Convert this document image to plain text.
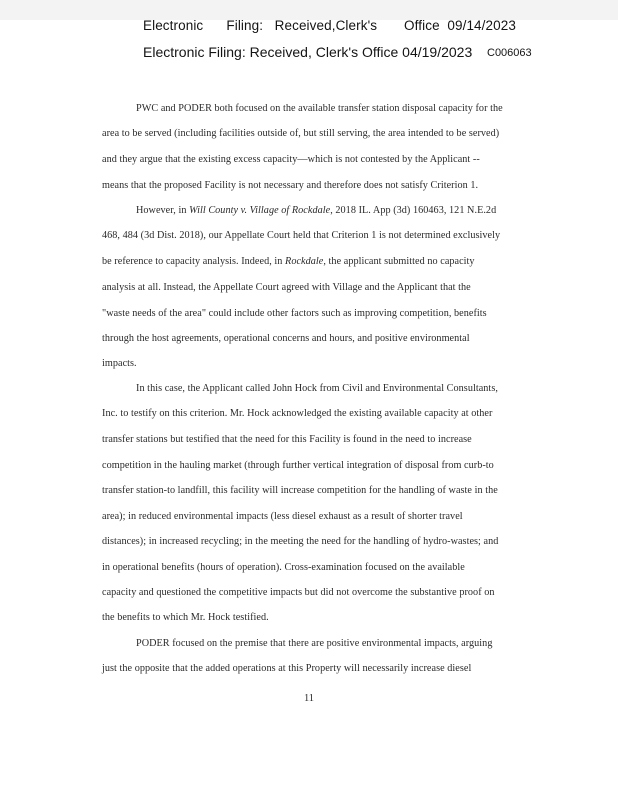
Electronic      Filing:   Received,Clerk's       Office  09/14/2023
Electronic Filing: Received, Clerk's Office 04/19/2023 C006063
PWC and PODER both focused on the available transfer station disposal capacity for the
area to be served (including facilities outside of, but still serving, the area intended to be served)
and they argue that the existing excess capacity—which is not contested by the Applicant --
means that the proposed Facility is not necessary and therefore does not satisfy Criterion 1.
However, in Will County v. Village of Rockdale, 2018 IL. App (3d) 160463, 121 N.E.2d
468, 484 (3d Dist. 2018), our Appellate Court held that Criterion 1 is not determined exclusively
be reference to capacity analysis. Indeed, in Rockdale, the applicant submitted no capacity
analysis at all. Instead, the Appellate Court agreed with Village and the Applicant that the
"waste needs of the area" could include other factors such as improving competition, benefits
through the host agreements, operational concerns and hours, and positive environmental
impacts.
In this case, the Applicant called John Hock from Civil and Environmental Consultants,
Inc. to testify on this criterion. Mr. Hock acknowledged the existing available capacity at other
transfer stations but testified that the need for this Facility is found in the need to increase
competition in the hauling market (through further vertical integration of disposal from curb-to
transfer station-to landfill, this facility will increase competition for the handling of waste in the
area); in reduced environmental impacts (less diesel exhaust as a result of shorter travel
distances); in increased recycling; in the meeting the need for the handling of hydro-wastes; and
in operational benefits (hours of operation). Cross-examination focused on the available
capacity and questioned the competitive impacts but did not overcome the substantive proof on
the benefits to which Mr. Hock testified.
PODER focused on the premise that there are positive environmental impacts, arguing
just the opposite that the added operations at this Property will necessarily increase diesel
11
